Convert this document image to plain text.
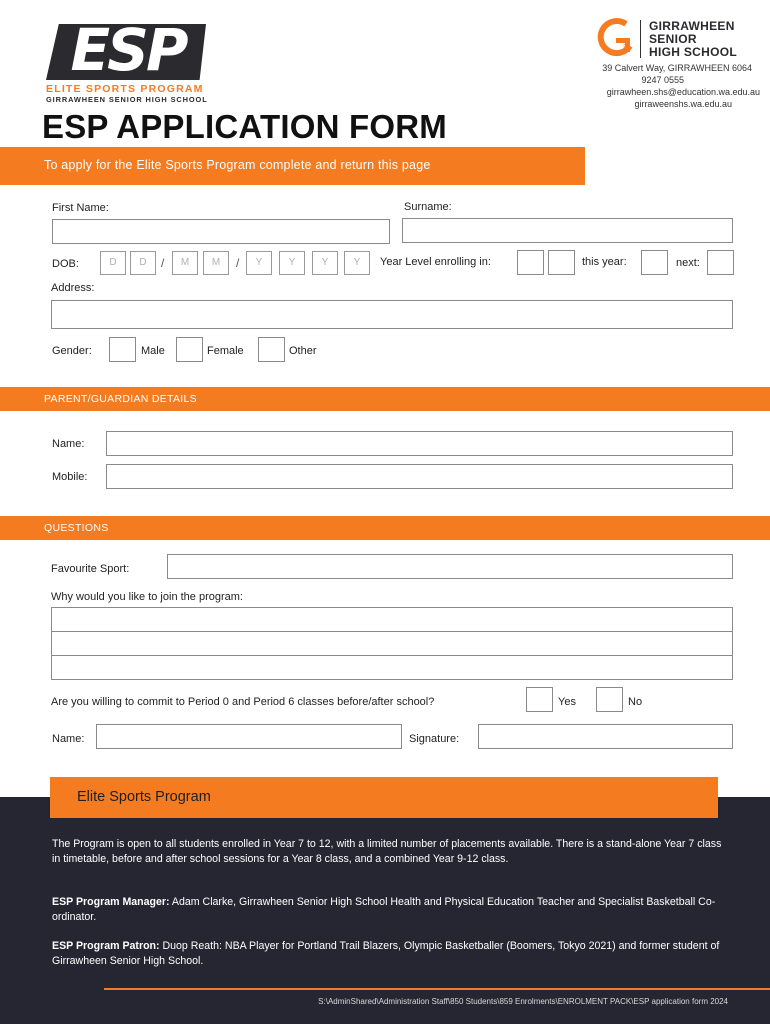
ESP
ELITE SPORTS PROGRAM
GIRRAWHEEN SENIOR HIGH SCHOOL
i
GIRRAWHEEN
SENIOR
HIGH SCHOOL
39 Calvert Way, GIRRAWHEEN 6064
9247 0555
girrawheen.shs@education.wa.edu.au
girraweenshs.wa.edu.au
ESP APPLICATION FORM
To apply for the Elite Sports Program complete and return this page
First Name:	Surname:
DOB:	D	D	/	M	M	/	Y	Y	Y	Y	Year Level enrolling in:	this year:	next:
Address:
Gender:	Male	Female	Other
PARENT/GUARDIAN DETAILS
Name:
Mobile:
QUESTIONS
Favourite Sport:
Why would you like to join the program:
Are you willing to commit to Period 0 and Period 6 classes before/after school?	Yes	No
Name:	Signature:
Elite Sports Program
The Program is open to all students enrolled in Year 7 to 12, with a limited number of placements available. There is a stand-alone Year 7 class in timetable, before and after school sessions for a Year 8 class, and a combined Year 9-12 class.
ESP Program Manager: Adam Clarke, Girrawheen Senior High School Health and Physical Education Teacher and Specialist Basketball Co-ordinator.
ESP Program Patron: Duop Reath: NBA Player for Portland Trail Blazers, Olympic Basketballer (Boomers, Tokyo 2021) and former student of Girrawheen Senior High School.
S:\AdminShared\Administration Staff\850 Students\859 Enrolments\ENROLMENT PACK\ESP application form 2024
